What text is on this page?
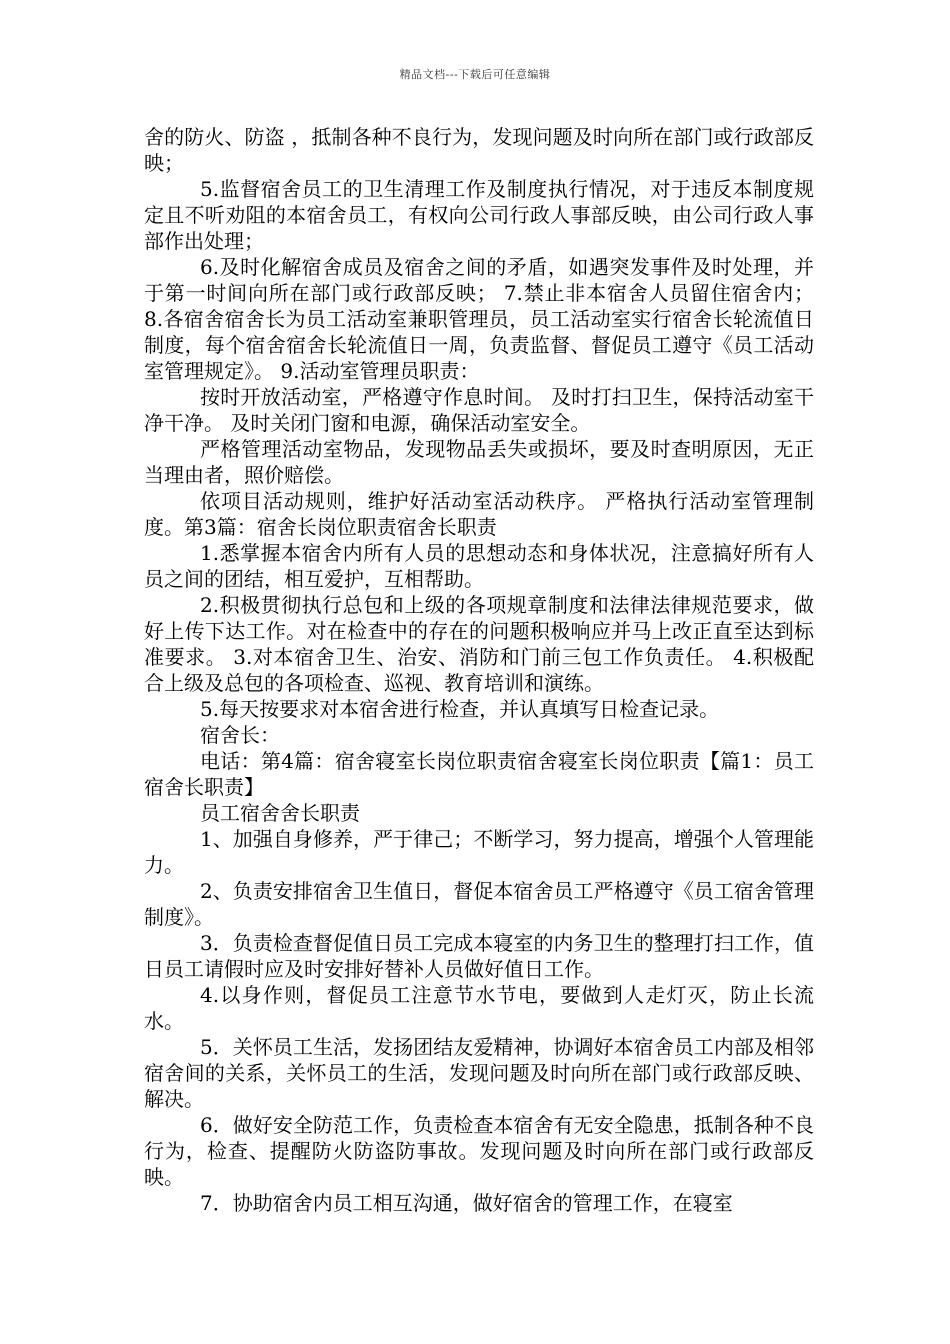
精品文档---下载后可任意编辑

舍的防火、防盗 ，抵制各种不良行为，发现问题及时向所在部门或行政部反映；

5.监督宿舍员工的卫生清理工作及制度执行情况，对于违反本制度规定且不听劝阻的本宿舍员工，有权向公司行政人事部反映，由公司行政人事部作出处理；

6.及时化解宿舍成员及宿舍之间的矛盾，如遇突发事件及时处理，并于第一时间向所在部门或行政部反映； 7.禁止非本宿舍人员留住宿舍内； 8.各宿舍宿舍长为员工活动室兼职管理员，员工活动室实行宿舍长轮流值日制度，每个宿舍宿舍长轮流值日一周，负责监督、督促员工遵守《员工活动室管理规定》。 9.活动室管理员职责：

按时开放活动室，严格遵守作息时间。 及时打扫卫生，保持活动室干净干净。 及时关闭门窗和电源，确保活动室安全。

严格管理活动室物品，发现物品丢失或损坏，要及时查明原因，无正当理由者，照价赔偿。

依项目活动规则，维护好活动室活动秩序。 严格执行活动室管理制度。第3篇：宿舍长岗位职责宿舍长职责

1.悉掌握本宿舍内所有人员的思想动态和身体状况，注意搞好所有人员之间的团结，相互爱护，互相帮助。

2.积极贯彻执行总包和上级的各项规章制度和法律法律规范要求，做好上传下达工作。对在检查中的存在的问题积极响应并马上改正直至达到标准要求。 3.对本宿舍卫生、治安、消防和门前三包工作负责任。 4.积极配合上级及总包的各项检查、巡视、教育培训和演练。

5.每天按要求对本宿舍进行检查，并认真填写日检查记录。

宿舍长：

电话：第4篇：宿舍寝室长岗位职责宿舍寝室长岗位职责【篇1：员工宿舍长职责】

员工宿舍舍长职责

1、加强自身修养，严于律己；不断学习，努力提高，增强个人管理能力。

2、负责安排宿舍卫生值日，督促本宿舍员工严格遵守《员工宿舍管理制度》。

3．负责检查督促值日员工完成本寝室的内务卫生的整理打扫工作，值日员工请假时应及时安排好替补人员做好值日工作。

4.以身作则，督促员工注意节水节电，要做到人走灯灭，防止长流水。

5．关怀员工生活，发扬团结友爱精神，协调好本宿舍员工内部及相邻宿舍间的关系，关怀员工的生活，发现问题及时向所在部门或行政部反映、解决。

6．做好安全防范工作，负责检查本宿舍有无安全隐患，抵制各种不良行为，检查、提醒防火防盗防事故。发现问题及时向所在部门或行政部反映。

7．协助宿舍内员工相互沟通，做好宿舍的管理工作，在寝室
